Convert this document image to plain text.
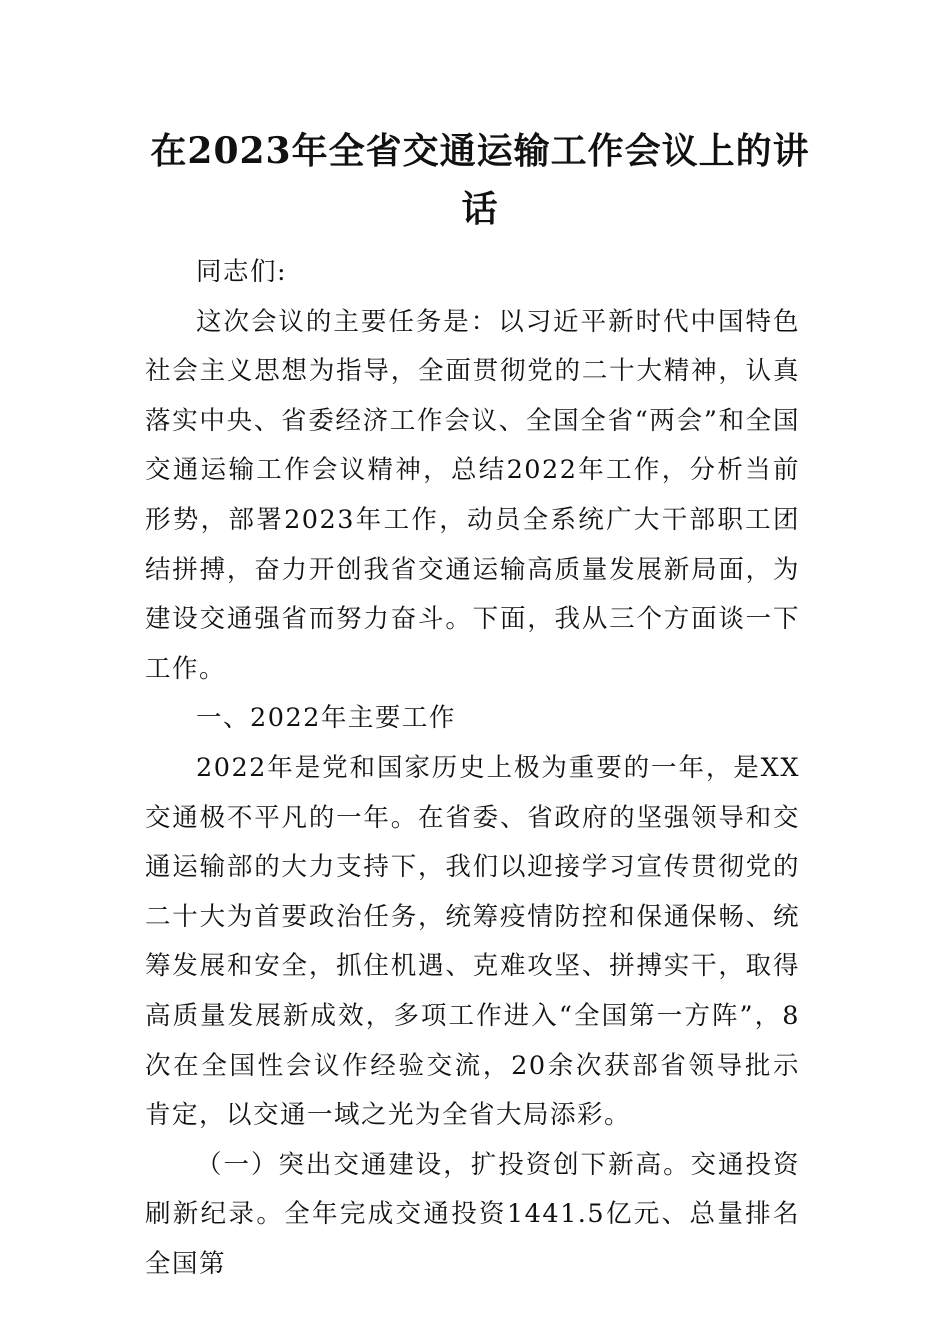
在2023年全省交通运输工作会议上的讲话

同志们:

这次会议的主要任务是：以习近平新时代中国特色社会主义思想为指导，全面贯彻党的二十大精神，认真落实中央、省委经济工作会议、全国全省“两会”和全国交通运输工作会议精神，总结2022年工作，分析当前形势，部署2023年工作，动员全系统广大干部职工团结拼搏，奋力开创我省交通运输高质量发展新局面，为建设交通强省而努力奋斗。下面，我从三个方面谈一下工作。

一、2022年主要工作

2022年是党和国家历史上极为重要的一年，是XX交通极不平凡的一年。在省委、省政府的坚强领导和交通运输部的大力支持下，我们以迎接学习宣传贯彻党的二十大为首要政治任务，统筹疫情防控和保通保畅、统筹发展和安全，抓住机遇、克难攻坚、拼搏实干，取得高质量发展新成效，多项工作进入“全国第一方阵”，8次在全国性会议作经验交流，20余次获部省领导批示肯定，以交通一域之光为全省大局添彩。

（一）突出交通建设，扩投资创下新高。交通投资刷新纪录。全年完成交通投资1441.5亿元、总量排名全国第
